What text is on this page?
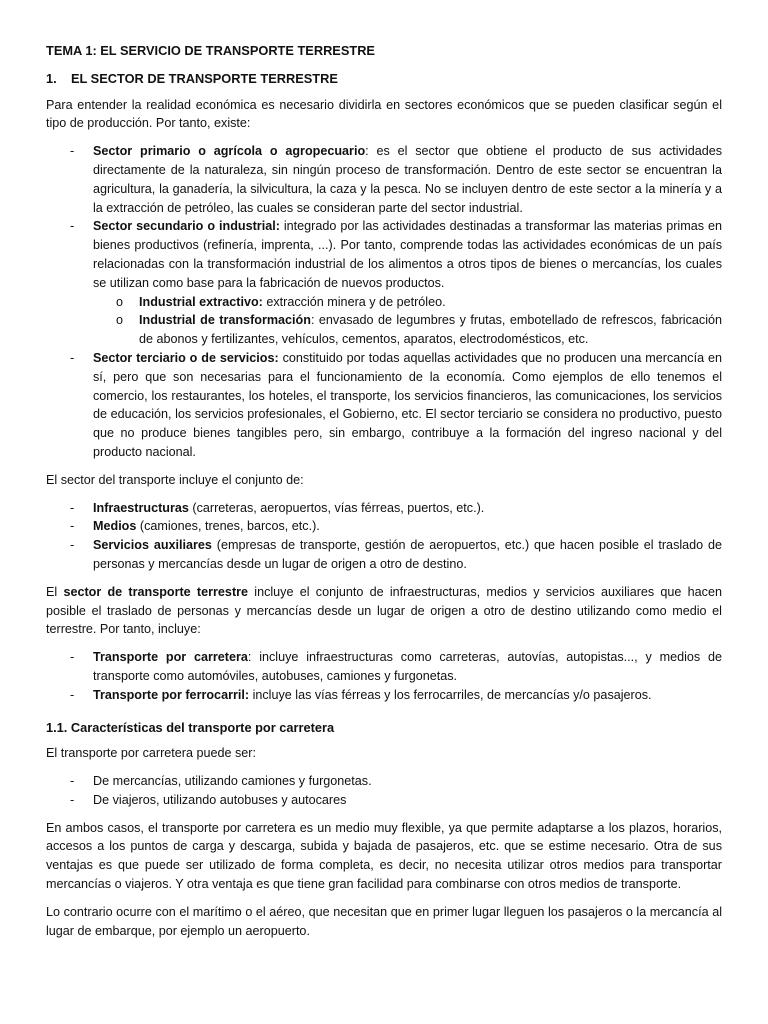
TEMA 1: EL SERVICIO DE TRANSPORTE TERRESTRE
1. EL SECTOR DE TRANSPORTE TERRESTRE

Para entender la realidad económica es necesario dividirla en sectores económicos que se pueden clasificar según el tipo de producción. Por tanto, existe:

- Sector primario o agrícola o agropecuario: es el sector que obtiene el producto de sus actividades directamente de la naturaleza, sin ningún proceso de transformación. Dentro de este sector se encuentran la agricultura, la ganadería, la silvicultura, la caza y la pesca. No se incluyen dentro de este sector a la minería y a la extracción de petróleo, las cuales se consideran parte del sector industrial.
- Sector secundario o industrial: integrado por las actividades destinadas a transformar las materias primas en bienes productivos (refinería, imprenta, ...). Por tanto, comprende todas las actividades económicas de un país relacionadas con la transformación industrial de los alimentos a otros tipos de bienes o mercancías, los cuales se utilizan como base para la fabricación de nuevos productos.
o Industrial extractivo: extracción minera y de petróleo.
o Industrial de transformación: envasado de legumbres y frutas, embotellado de refrescos, fabricación de abonos y fertilizantes, vehículos, cementos, aparatos, electrodomésticos, etc.
- Sector terciario o de servicios: constituido por todas aquellas actividades que no producen una mercancía en sí, pero que son necesarias para el funcionamiento de la economía. Como ejemplos de ello tenemos el comercio, los restaurantes, los hoteles, el transporte, los servicios financieros, las comunicaciones, los servicios de educación, los servicios profesionales, el Gobierno, etc. El sector terciario se considera no productivo, puesto que no produce bienes tangibles pero, sin embargo, contribuye a la formación del ingreso nacional y del producto nacional.

El sector del transporte incluye el conjunto de:

- Infraestructuras (carreteras, aeropuertos, vías férreas, puertos, etc.).
- Medios (camiones, trenes, barcos, etc.).
- Servicios auxiliares (empresas de transporte, gestión de aeropuertos, etc.) que hacen posible el traslado de personas y mercancías desde un lugar de origen a otro de destino.

El sector de transporte terrestre incluye el conjunto de infraestructuras, medios y servicios auxiliares que hacen posible el traslado de personas y mercancías desde un lugar de origen a otro de destino utilizando como medio el terrestre. Por tanto, incluye:

- Transporte por carretera: incluye infraestructuras como carreteras, autovías, autopistas..., y medios de transporte como automóviles, autobuses, camiones y furgonetas.
- Transporte por ferrocarril: incluye las vías férreas y los ferrocarriles, de mercancías y/o pasajeros.
1.1. Características del transporte por carretera

El transporte por carretera puede ser:

- De mercancías, utilizando camiones y furgonetas.
- De viajeros, utilizando autobuses y autocares

En ambos casos, el transporte por carretera es un medio muy flexible, ya que permite adaptarse a los plazos, horarios, accesos a los puntos de carga y descarga, subida y bajada de pasajeros, etc. que se estime necesario. Otra de sus ventajas es que puede ser utilizado de forma completa, es decir, no necesita utilizar otros medios para transportar mercancías o viajeros. Y otra ventaja es que tiene gran facilidad para combinarse con otros medios de transporte.

Lo contrario ocurre con el marítimo o el aéreo, que necesitan que en primer lugar lleguen los pasajeros o la mercancía al lugar de embarque, por ejemplo un aeropuerto.
